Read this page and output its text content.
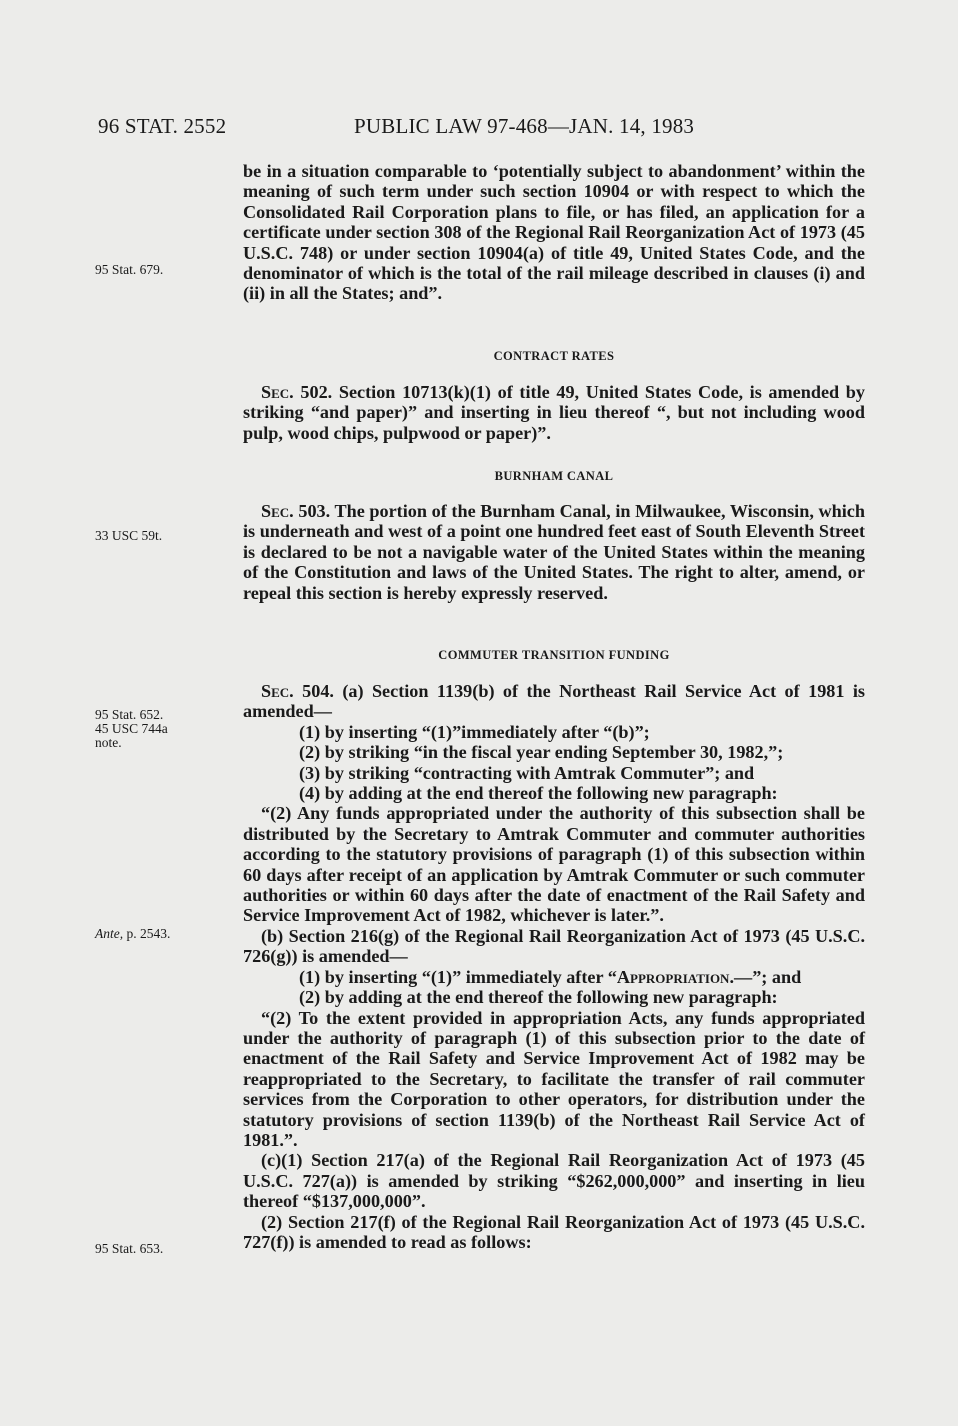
96 STAT. 2552	PUBLIC LAW 97-468—JAN. 14, 1983
95 Stat. 679.
33 USC 59t.
95 Stat. 652.
45 USC 744a
note.
Ante, p. 2543.
95 Stat. 653.

be in a situation comparable to ‘potentially subject to abandonment’ within the meaning of such term under such section 10904 or with respect to which the Consolidated Rail Corporation plans to file, or has filed, an application for a certificate under section 308 of the Regional Rail Reorganization Act of 1973 (45 U.S.C. 748) or under section 10904(a) of title 49, United States Code, and the denominator of which is the total of the rail mileage described in clauses (i) and (ii) in all the States; and”.

CONTRACT RATES

Sec. 502. Section 10713(k)(1) of title 49, United States Code, is amended by striking “and paper)” and inserting in lieu thereof “, but not including wood pulp, wood chips, pulpwood or paper)”.

BURNHAM CANAL

Sec. 503. The portion of the Burnham Canal, in Milwaukee, Wisconsin, which is underneath and west of a point one hundred feet east of South Eleventh Street is declared to be not a navigable water of the United States within the meaning of the Constitution and laws of the United States. The right to alter, amend, or repeal this section is hereby expressly reserved.

COMMUTER TRANSITION FUNDING

Sec. 504. (a) Section 1139(b) of the Northeast Rail Service Act of 1981 is amended—

(1) by inserting “(1)”immediately after “(b)”;

(2) by striking “in the fiscal year ending September 30, 1982,”;

(3) by striking “contracting with Amtrak Commuter”; and

(4) by adding at the end thereof the following new paragraph:

“(2) Any funds appropriated under the authority of this subsection shall be distributed by the Secretary to Amtrak Commuter and commuter authorities according to the statutory provisions of paragraph (1) of this subsection within 60 days after receipt of an application by Amtrak Commuter or such commuter authorities or within 60 days after the date of enactment of the Rail Safety and Service Improvement Act of 1982, whichever is later.”.

(b) Section 216(g) of the Regional Rail Reorganization Act of 1973 (45 U.S.C. 726(g)) is amended—

(1) by inserting “(1)” immediately after “Appropriation.—”; and

(2) by adding at the end thereof the following new paragraph:

“(2) To the extent provided in appropriation Acts, any funds appropriated under the authority of paragraph (1) of this subsection prior to the date of enactment of the Rail Safety and Service Improvement Act of 1982 may be reappropriated to the Secretary, to facilitate the transfer of rail commuter services from the Corporation to other operators, for distribution under the statutory provisions of section 1139(b) of the Northeast Rail Service Act of 1981.”.

(c)(1) Section 217(a) of the Regional Rail Reorganization Act of 1973 (45 U.S.C. 727(a)) is amended by striking “$262,000,000” and inserting in lieu thereof “$137,000,000”.

(2) Section 217(f) of the Regional Rail Reorganization Act of 1973 (45 U.S.C. 727(f)) is amended to read as follows:
